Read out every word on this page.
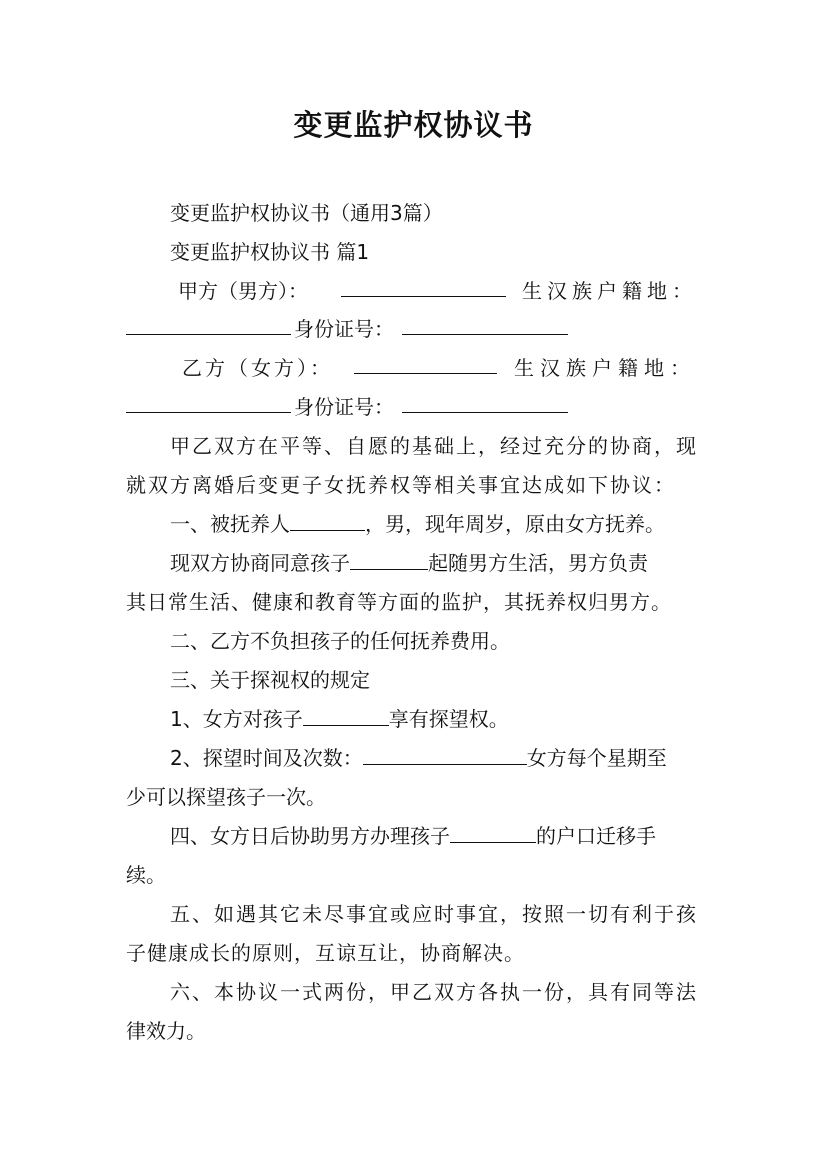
变更监护权协议书
变更监护权协议书（通用3篇）
变更监护权协议书 篇1
甲方（男方）：	生汉族户籍地：
身份证号：
乙方（女方）：	生汉族户籍地：
身份证号：
甲乙双方在平等、自愿的基础上，经过充分的协商，现
就双方离婚后变更子女抚养权等相关事宜达成如下协议：
一、被抚养人	，男，现年周岁，原由女方抚养。
现双方协商同意孩子	起随男方生活，男方负责
其日常生活、健康和教育等方面的监护，其抚养权归男方。
二、乙方不负担孩子的任何抚养费用。
三、关于探视权的规定
1、女方对孩子	享有探望权。
2、探望时间及次数：	女方每个星期至
少可以探望孩子一次。
四、女方日后协助男方办理孩子	的户口迁移手
续。
五、如遇其它未尽事宜或应时事宜，按照一切有利于孩
子健康成长的原则，互谅互让，协商解决。
六、本协议一式两份，甲乙双方各执一份，具有同等法
律效力。
